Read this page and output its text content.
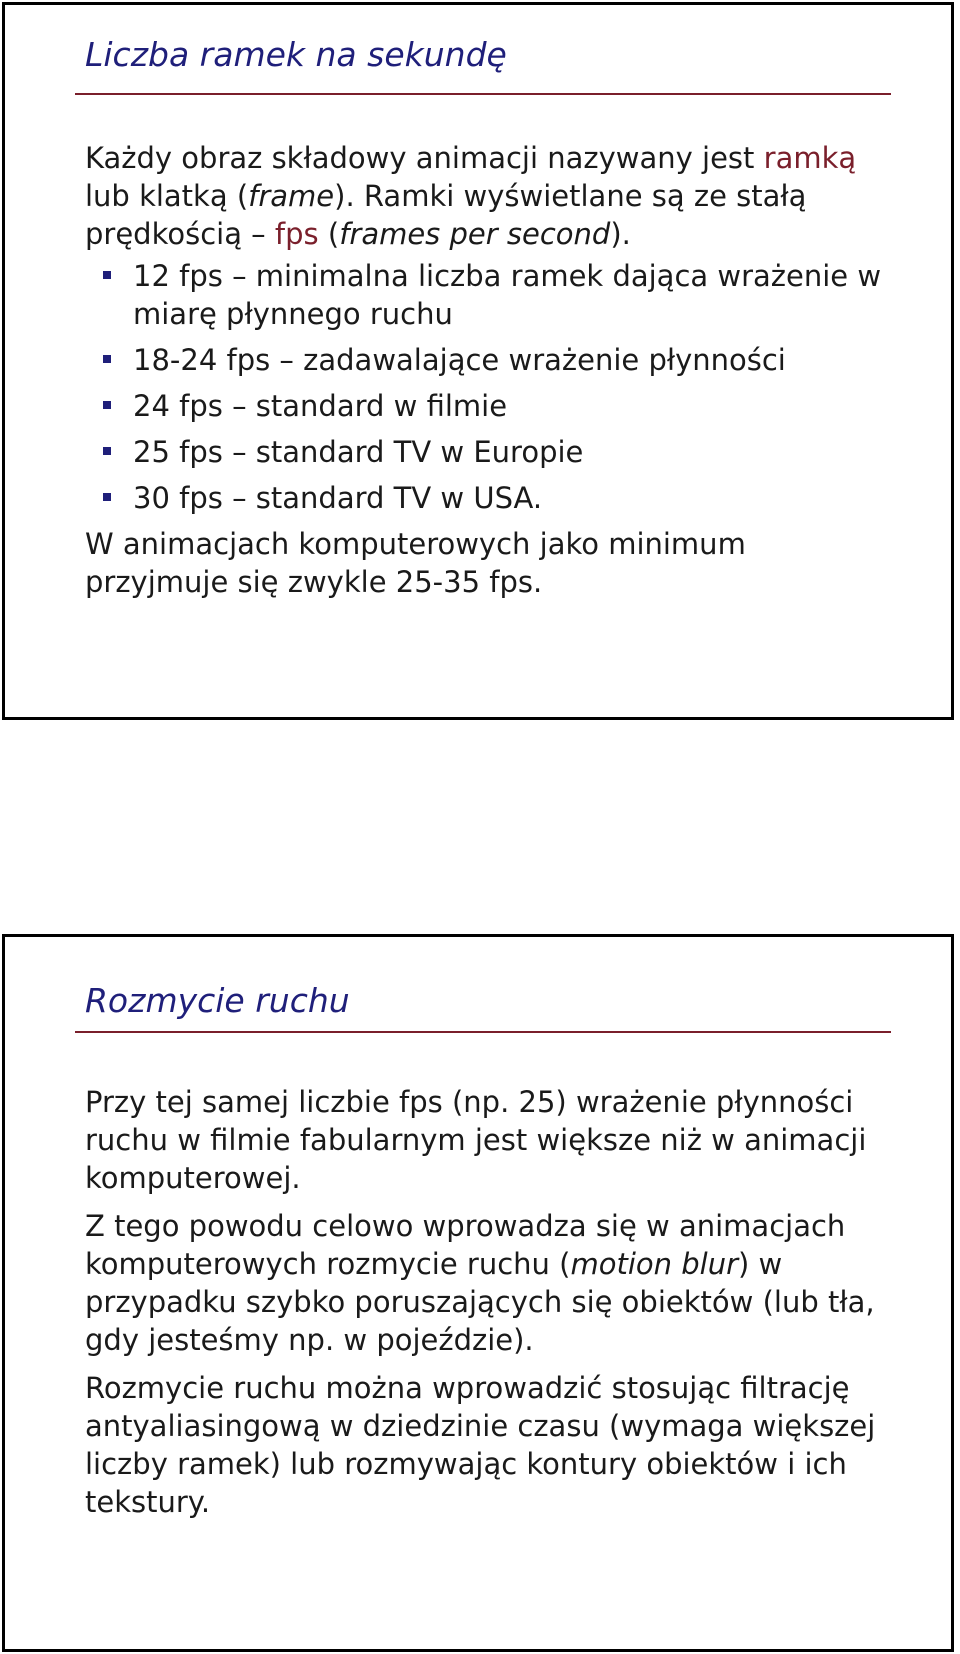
Liczba ramek na sekundę

Każdy obraz składowy animacji nazywany jest ramką lub klatką (frame). Ramki wyświetlane są ze stałą prędkością – fps (frames per second).

12 fps – minimalna liczba ramek dająca wrażenie w miarę płynnego ruchu
18-24 fps – zadawalające wrażenie płynności
24 fps – standard w filmie
25 fps – standard TV w Europie
30 fps – standard TV w USA.

W animacjach komputerowych jako minimum przyjmuje się zwykle 25-35 fps.

Rozmycie ruchu

Przy tej samej liczbie fps (np. 25) wrażenie płynności ruchu w filmie fabularnym jest większe niż w animacji komputerowej.

Z tego powodu celowo wprowadza się w animacjach komputerowych rozmycie ruchu (motion blur) w przypadku szybko poruszających się obiektów (lub tła, gdy jesteśmy np. w pojeździe).

Rozmycie ruchu można wprowadzić stosując filtrację antyaliasingową w dziedzinie czasu (wymaga większej liczby ramek) lub rozmywając kontury obiektów i ich tekstury.
